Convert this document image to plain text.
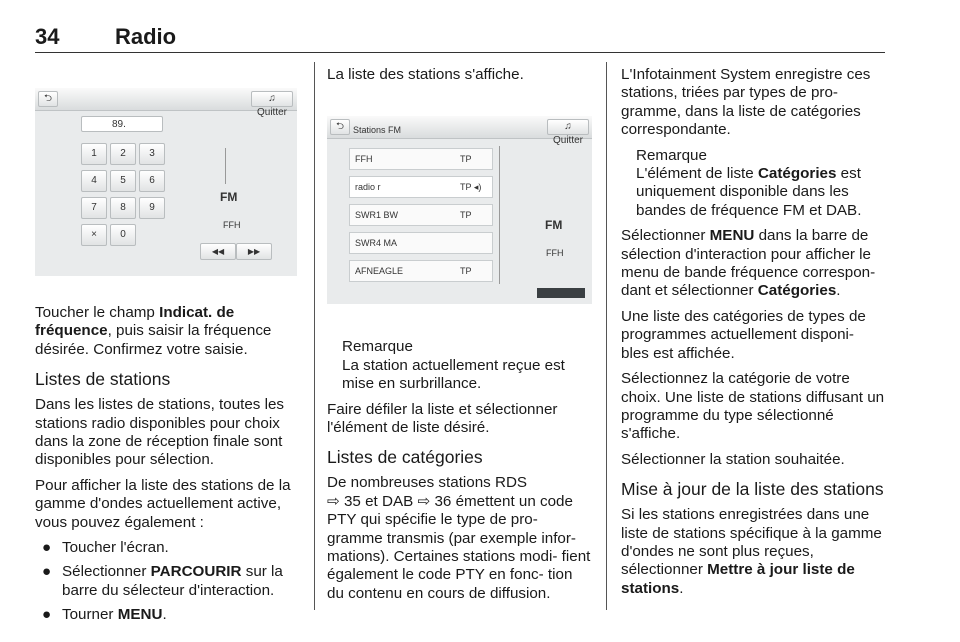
34	Radio
⮌	♫ Quitter
89.
1	2	3
4	5	6
7	8	9
×	0
FM
FFH
◀◀	▶▶

Toucher le champ Indicat. de fréquence, puis saisir la fréquence désirée. Confirmez votre saisie.

Listes de stations

Dans les listes de stations, toutes les stations radio disponibles pour choix dans la zone de réception finale sont disponibles pour sélection.

Pour afficher la liste des stations de la gamme d'ondes actuellement active, vous pouvez également :

● Toucher l'écran.
● Sélectionner PARCOURIR sur la barre du sélecteur d'interaction.
● Tourner MENU.

La liste des stations s'affiche.

⮌	Stations FM	♫ Quitter
FFH	TP
radio r	TP ◂)
SWR1 BW	TP
SWR4 MA
AFNEAGLE	TP
FM
FFH
Remarque
La station actuellement reçue est mise en surbrillance.

Faire défiler la liste et sélectionner l'élément de liste désiré.

Listes de catégories

De nombreuses stations RDS
⇨ 35 et DAB ⇨ 36 émettent un code PTY qui spécifie le type de pro- gramme transmis (par exemple infor- mations). Certaines stations modi- fient également le code PTY en fonc- tion du contenu en cours de diffusion.

L'Infotainment System enregistre ces stations, triées par types de pro- gramme, dans la liste de catégories correspondante.

Remarque
L'élément de liste Catégories est uniquement disponible dans les bandes de fréquence FM et DAB.

Sélectionner MENU dans la barre de sélection d'interaction pour afficher le menu de bande fréquence correspon- dant et sélectionner Catégories.

Une liste des catégories de types de programmes actuellement disponi- bles est affichée.

Sélectionnez la catégorie de votre choix. Une liste de stations diffusant un programme du type sélectionné s'affiche.

Sélectionner la station souhaitée.

Mise à jour de la liste des stations

Si les stations enregistrées dans une liste de stations spécifique à la gamme d'ondes ne sont plus reçues, sélectionner Mettre à jour liste de stations.
